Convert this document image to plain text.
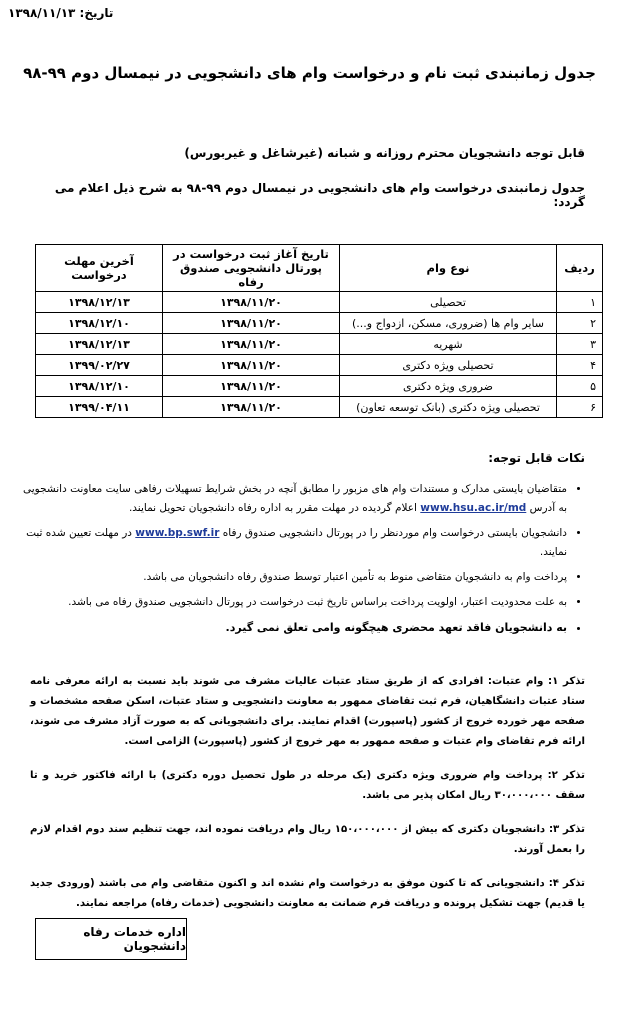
تاریخ: ۱۳۹۸/۱۱/۱۳
جدول زمانبندی ثبت نام و درخواست وام های دانشجویی در نیمسال دوم ۹۹-۹۸
قابل توجه دانشجویان محترم روزانه و شبانه (غیرشاغل و غیربورس)
جدول زمانبندی درخواست وام های دانشجویی در نیمسال دوم ۹۹-۹۸ به شرح ذیل اعلام می گردد:
ردیف	نوع وام	تاریخ آغاز ثبت درخواست در پورتال دانشجویی صندوق رفاه	آخرین مهلت درخواست
۱	تحصیلی	۱۳۹۸/۱۱/۲۰	۱۳۹۸/۱۲/۱۳
۲	سایر وام ها (ضروری، مسکن، ازدواج و...)	۱۳۹۸/۱۱/۲۰	۱۳۹۸/۱۲/۱۰
۳	شهریه	۱۳۹۸/۱۱/۲۰	۱۳۹۸/۱۲/۱۳
۴	تحصیلی ویژه دکتری	۱۳۹۸/۱۱/۲۰	۱۳۹۹/۰۲/۲۷
۵	ضروری ویژه دکتری	۱۳۹۸/۱۱/۲۰	۱۳۹۸/۱۲/۱۰
۶	تحصیلی ویژه دکتری (بانک توسعه تعاون)	۱۳۹۸/۱۱/۲۰	۱۳۹۹/۰۴/۱۱
نکات قابل توجه:
• متقاضیان بایستی مدارک و مستندات وام های مزبور را مطابق آنچه در بخش شرایط تسهیلات رفاهی سایت معاونت دانشجویی به آدرس www.hsu.ac.ir/md اعلام گردیده در مهلت مقرر به اداره رفاه دانشجویان تحویل نمایند.
• دانشجویان بایستی درخواست وام موردنظر را در پورتال دانشجویی صندوق رفاه www.bp.swf.ir در مهلت تعیین شده ثبت نمایند.
• پرداخت وام به دانشجویان متقاضی منوط به تأمین اعتبار توسط صندوق رفاه دانشجویان می باشد.
• به علت محدودیت اعتبار، اولویت پرداخت براساس تاریخ ثبت درخواست در پورتال دانشجویی صندوق رفاه می باشد.
• به دانشجویان فاقد تعهد محضری هیچگونه وامی تعلق نمی گیرد.

تذکر ۱: وام عتبات: افرادی که از طریق ستاد عتبات عالیات مشرف می شوند باید نسبت به ارائه معرفی نامه ستاد عتبات دانشگاهیان، فرم ثبت تقاضای ممهور به معاونت دانشجویی و ستاد عتبات، اسکن صفحه مشخصات و صفحه مهر خورده خروج از کشور (پاسپورت) اقدام نمایند. برای دانشجویانی که به صورت آزاد مشرف می شوند، ارائه فرم تقاضای وام عتبات و صفحه ممهور به مهر خروج از کشور (پاسپورت) الزامی است.

تذکر ۲: پرداخت وام ضروری ویژه دکتری (یک مرحله در طول تحصیل دوره دکتری) با ارائه فاکتور خرید و تا سقف ۳۰،۰۰۰،۰۰۰ ریال امکان پذیر می باشد.

تذکر ۳: دانشجویان دکتری که بیش از ۱۵۰،۰۰۰،۰۰۰ ریال وام دریافت نموده اند، جهت تنظیم سند دوم اقدام لازم را بعمل آورند.

تذکر ۴: دانشجویانی که تا کنون موفق به درخواست وام نشده اند و اکنون متقاضی وام می باشند (ورودی جدید یا قدیم) جهت تشکیل پرونده و دریافت فرم ضمانت به معاونت دانشجویی (خدمات رفاه) مراجعه نمایند.

اداره خدمات رفاه دانشجویان
